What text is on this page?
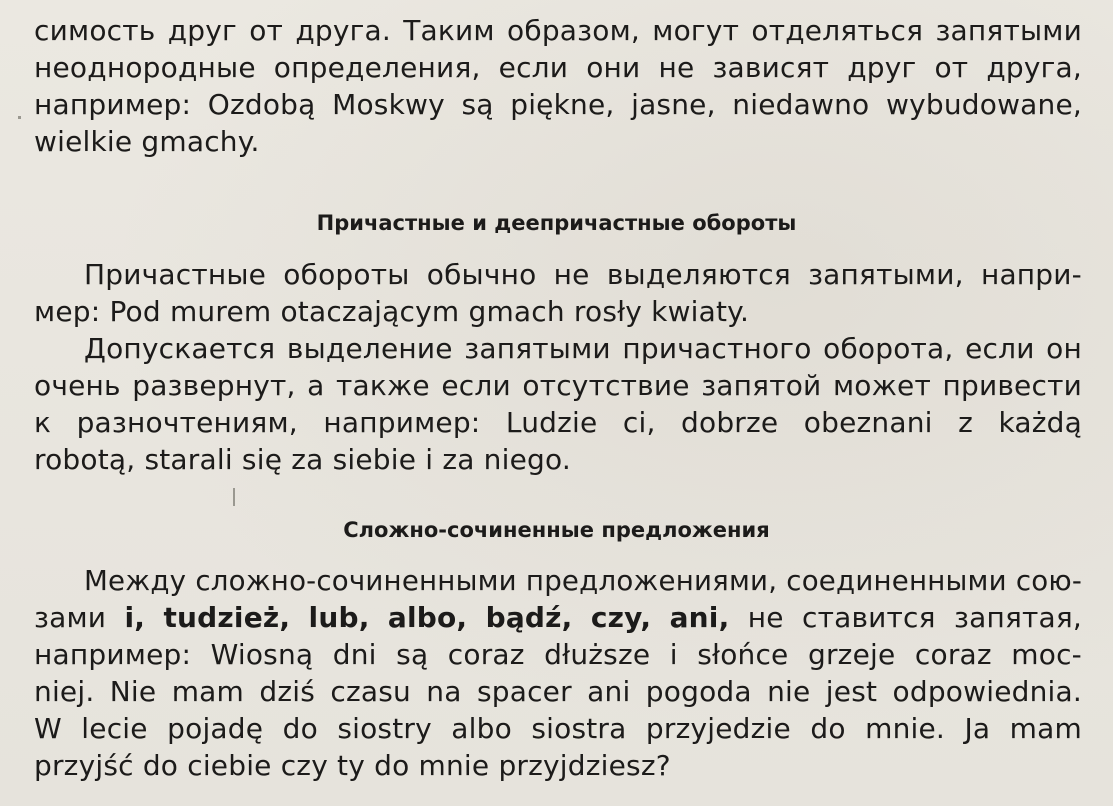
симость друг от друга. Таким образом, могут отделяться запятыми
неоднородные определения, если они не зависят друг от друга,
например: Ozdobą Moskwy są piękne, jasne, niedawno wybudowane,
wielkie gmachy.
Причастные и деепричастные обороты
Причастные обороты обычно не выделяются запятыми, напри-
мер: Pod murem otaczającym gmach rosły kwiaty.
Допускается выделение запятыми причастного оборота, если он
очень развернут, а также если отсутствие запятой может привести
к разночтениям, например: Ludzie ci, dobrze obeznani z każdą
robotą, starali się za siebie i za niego.
Сложно-сочиненные предложения
Между сложно-сочиненными предложениями, соединенными сою-
зами i, tudzież, lub, albo, bądź, czy, ani, не ставится запятая,
например: Wiosną dni są coraz dłuższe i słońce grzeje coraz moc-
niej. Nie mam dziś czasu na spacer ani pogoda nie jest odpowiednia.
W lecie pojadę do siostry albo siostra przyjedzie do mnie. Ja mam
przyjść do ciebie czy ty do mnie przyjdziesz?
